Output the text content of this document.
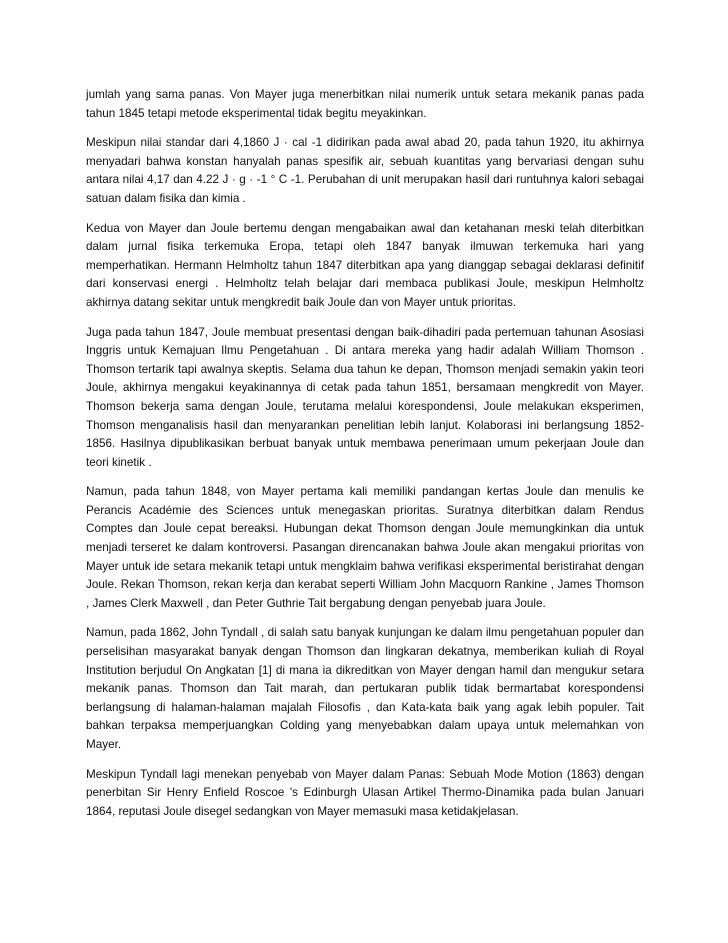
jumlah yang sama panas. Von Mayer juga menerbitkan nilai numerik untuk setara mekanik panas pada tahun 1845 tetapi metode eksperimental tidak begitu meyakinkan.

Meskipun nilai standar dari 4,1860 J · cal -1 didirikan pada awal abad 20, pada tahun 1920, itu akhirnya menyadari bahwa konstan hanyalah panas spesifik air, sebuah kuantitas yang bervariasi dengan suhu antara nilai 4,17 dan 4.22 J · g · -1 ° C -1. Perubahan di unit merupakan hasil dari runtuhnya kalori sebagai satuan dalam fisika dan kimia .

Kedua von Mayer dan Joule bertemu dengan mengabaikan awal dan ketahanan meski telah diterbitkan dalam jurnal fisika terkemuka Eropa, tetapi oleh 1847 banyak ilmuwan terkemuka hari yang memperhatikan. Hermann Helmholtz tahun 1847 diterbitkan apa yang dianggap sebagai deklarasi definitif dari konservasi energi . Helmholtz telah belajar dari membaca publikasi Joule, meskipun Helmholtz akhirnya datang sekitar untuk mengkredit baik Joule dan von Mayer untuk prioritas.

Juga pada tahun 1847, Joule membuat presentasi dengan baik-dihadiri pada pertemuan tahunan Asosiasi Inggris untuk Kemajuan Ilmu Pengetahuan . Di antara mereka yang hadir adalah William Thomson . Thomson tertarik tapi awalnya skeptis. Selama dua tahun ke depan, Thomson menjadi semakin yakin teori Joule, akhirnya mengakui keyakinannya di cetak pada tahun 1851, bersamaan mengkredit von Mayer. Thomson bekerja sama dengan Joule, terutama melalui korespondensi, Joule melakukan eksperimen, Thomson menganalisis hasil dan menyarankan penelitian lebih lanjut. Kolaborasi ini berlangsung 1852-1856. Hasilnya dipublikasikan berbuat banyak untuk membawa penerimaan umum pekerjaan Joule dan teori kinetik .

Namun, pada tahun 1848, von Mayer pertama kali memiliki pandangan kertas Joule dan menulis ke Perancis Académie des Sciences untuk menegaskan prioritas. Suratnya diterbitkan dalam Rendus Comptes dan Joule cepat bereaksi. Hubungan dekat Thomson dengan Joule memungkinkan dia untuk menjadi terseret ke dalam kontroversi. Pasangan direncanakan bahwa Joule akan mengakui prioritas von Mayer untuk ide setara mekanik tetapi untuk mengklaim bahwa verifikasi eksperimental beristirahat dengan Joule. Rekan Thomson, rekan kerja dan kerabat seperti William John Macquorn Rankine , James Thomson , James Clerk Maxwell , dan Peter Guthrie Tait bergabung dengan penyebab juara Joule.

Namun, pada 1862, John Tyndall , di salah satu banyak kunjungan ke dalam ilmu pengetahuan populer dan perselisihan masyarakat banyak dengan Thomson dan lingkaran dekatnya, memberikan kuliah di Royal Institution berjudul On Angkatan [1] di mana ia dikreditkan von Mayer dengan hamil dan mengukur setara mekanik panas. Thomson dan Tait marah, dan pertukaran publik tidak bermartabat korespondensi berlangsung di halaman-halaman majalah Filosofis , dan Kata-kata baik yang agak lebih populer. Tait bahkan terpaksa memperjuangkan Colding yang menyebabkan dalam upaya untuk melemahkan von Mayer.

Meskipun Tyndall lagi menekan penyebab von Mayer dalam Panas: Sebuah Mode Motion (1863) dengan penerbitan Sir Henry Enfield Roscoe 's Edinburgh Ulasan Artikel Thermo-Dinamika pada bulan Januari 1864, reputasi Joule disegel sedangkan von Mayer memasuki masa ketidakjelasan.
